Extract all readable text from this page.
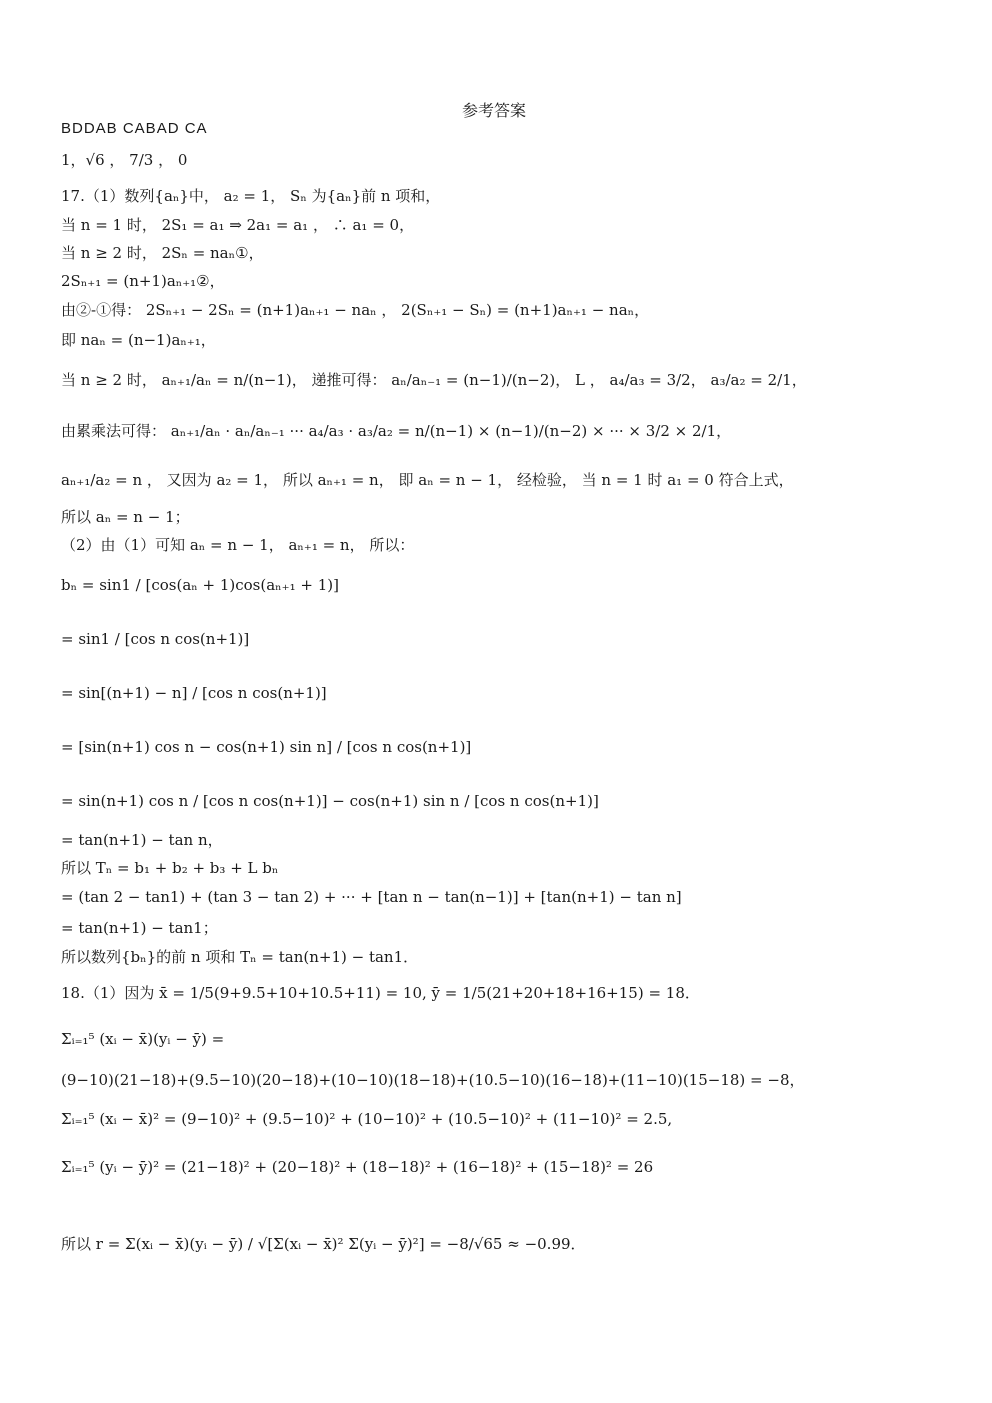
参考答案
BDDAB CABAD CA
1，√6 ， 7/3 ， 0
17.（1）数列{aₙ}中， a₂ = 1， Sₙ 为{aₙ}前 n 项和，
当 n = 1 时， 2S₁ = a₁ ⇒ 2a₁ = a₁ ， ∴ a₁ = 0，
当 n ≥ 2 时， 2Sₙ = naₙ①，
2Sₙ₊₁ = (n+1)aₙ₊₁②，
由②-①得： 2Sₙ₊₁ − 2Sₙ = (n+1)aₙ₊₁ − naₙ ， 2(Sₙ₊₁ − Sₙ) = (n+1)aₙ₊₁ − naₙ，
即 naₙ = (n−1)aₙ₊₁，
当 n ≥ 2 时， aₙ₊₁/aₙ = n/(n−1)， 递推可得： aₙ/aₙ₋₁ = (n−1)/(n−2)， L ， a₄/a₃ = 3/2， a₃/a₂ = 2/1，
由累乘法可得： aₙ₊₁/aₙ · aₙ/aₙ₋₁ ··· a₄/a₃ · a₃/a₂ = n/(n−1) × (n−1)/(n−2) × ··· × 3/2 × 2/1，
aₙ₊₁/a₂ = n ， 又因为 a₂ = 1， 所以 aₙ₊₁ = n， 即 aₙ = n − 1， 经检验， 当 n = 1 时 a₁ = 0 符合上式，
所以 aₙ = n − 1；
（2）由（1）可知 aₙ = n − 1， aₙ₊₁ = n， 所以：
bₙ = sin1 / [cos(aₙ + 1)cos(aₙ₊₁ + 1)]
= sin1 / [cos n cos(n+1)]
= sin[(n+1) − n] / [cos n cos(n+1)]
= [sin(n+1) cos n − cos(n+1) sin n] / [cos n cos(n+1)]
= sin(n+1) cos n / [cos n cos(n+1)] − cos(n+1) sin n / [cos n cos(n+1)]
= tan(n+1) − tan n，
所以 Tₙ = b₁ + b₂ + b₃ + L bₙ
= (tan 2 − tan1) + (tan 3 − tan 2) + ··· + [tan n − tan(n−1)] + [tan(n+1) − tan n]
= tan(n+1) − tan1；
所以数列{bₙ}的前 n 项和 Tₙ = tan(n+1) − tan1．
18.（1）因为 x̄ = 1/5(9+9.5+10+10.5+11) = 10, ȳ = 1/5(21+20+18+16+15) = 18．
Σᵢ₌₁⁵ (xᵢ − x̄)(yᵢ − ȳ) =
(9−10)(21−18)+(9.5−10)(20−18)+(10−10)(18−18)+(10.5−10)(16−18)+(11−10)(15−18) = −8，
Σᵢ₌₁⁵ (xᵢ − x̄)² = (9−10)² + (9.5−10)² + (10−10)² + (10.5−10)² + (11−10)² = 2.5,
Σᵢ₌₁⁵ (yᵢ − ȳ)² = (21−18)² + (20−18)² + (18−18)² + (16−18)² + (15−18)² = 26
所以 r = Σ(xᵢ − x̄)(yᵢ − ȳ) / √[Σ(xᵢ − x̄)² Σ(yᵢ − ȳ)²] = −8/√65 ≈ −0.99．
